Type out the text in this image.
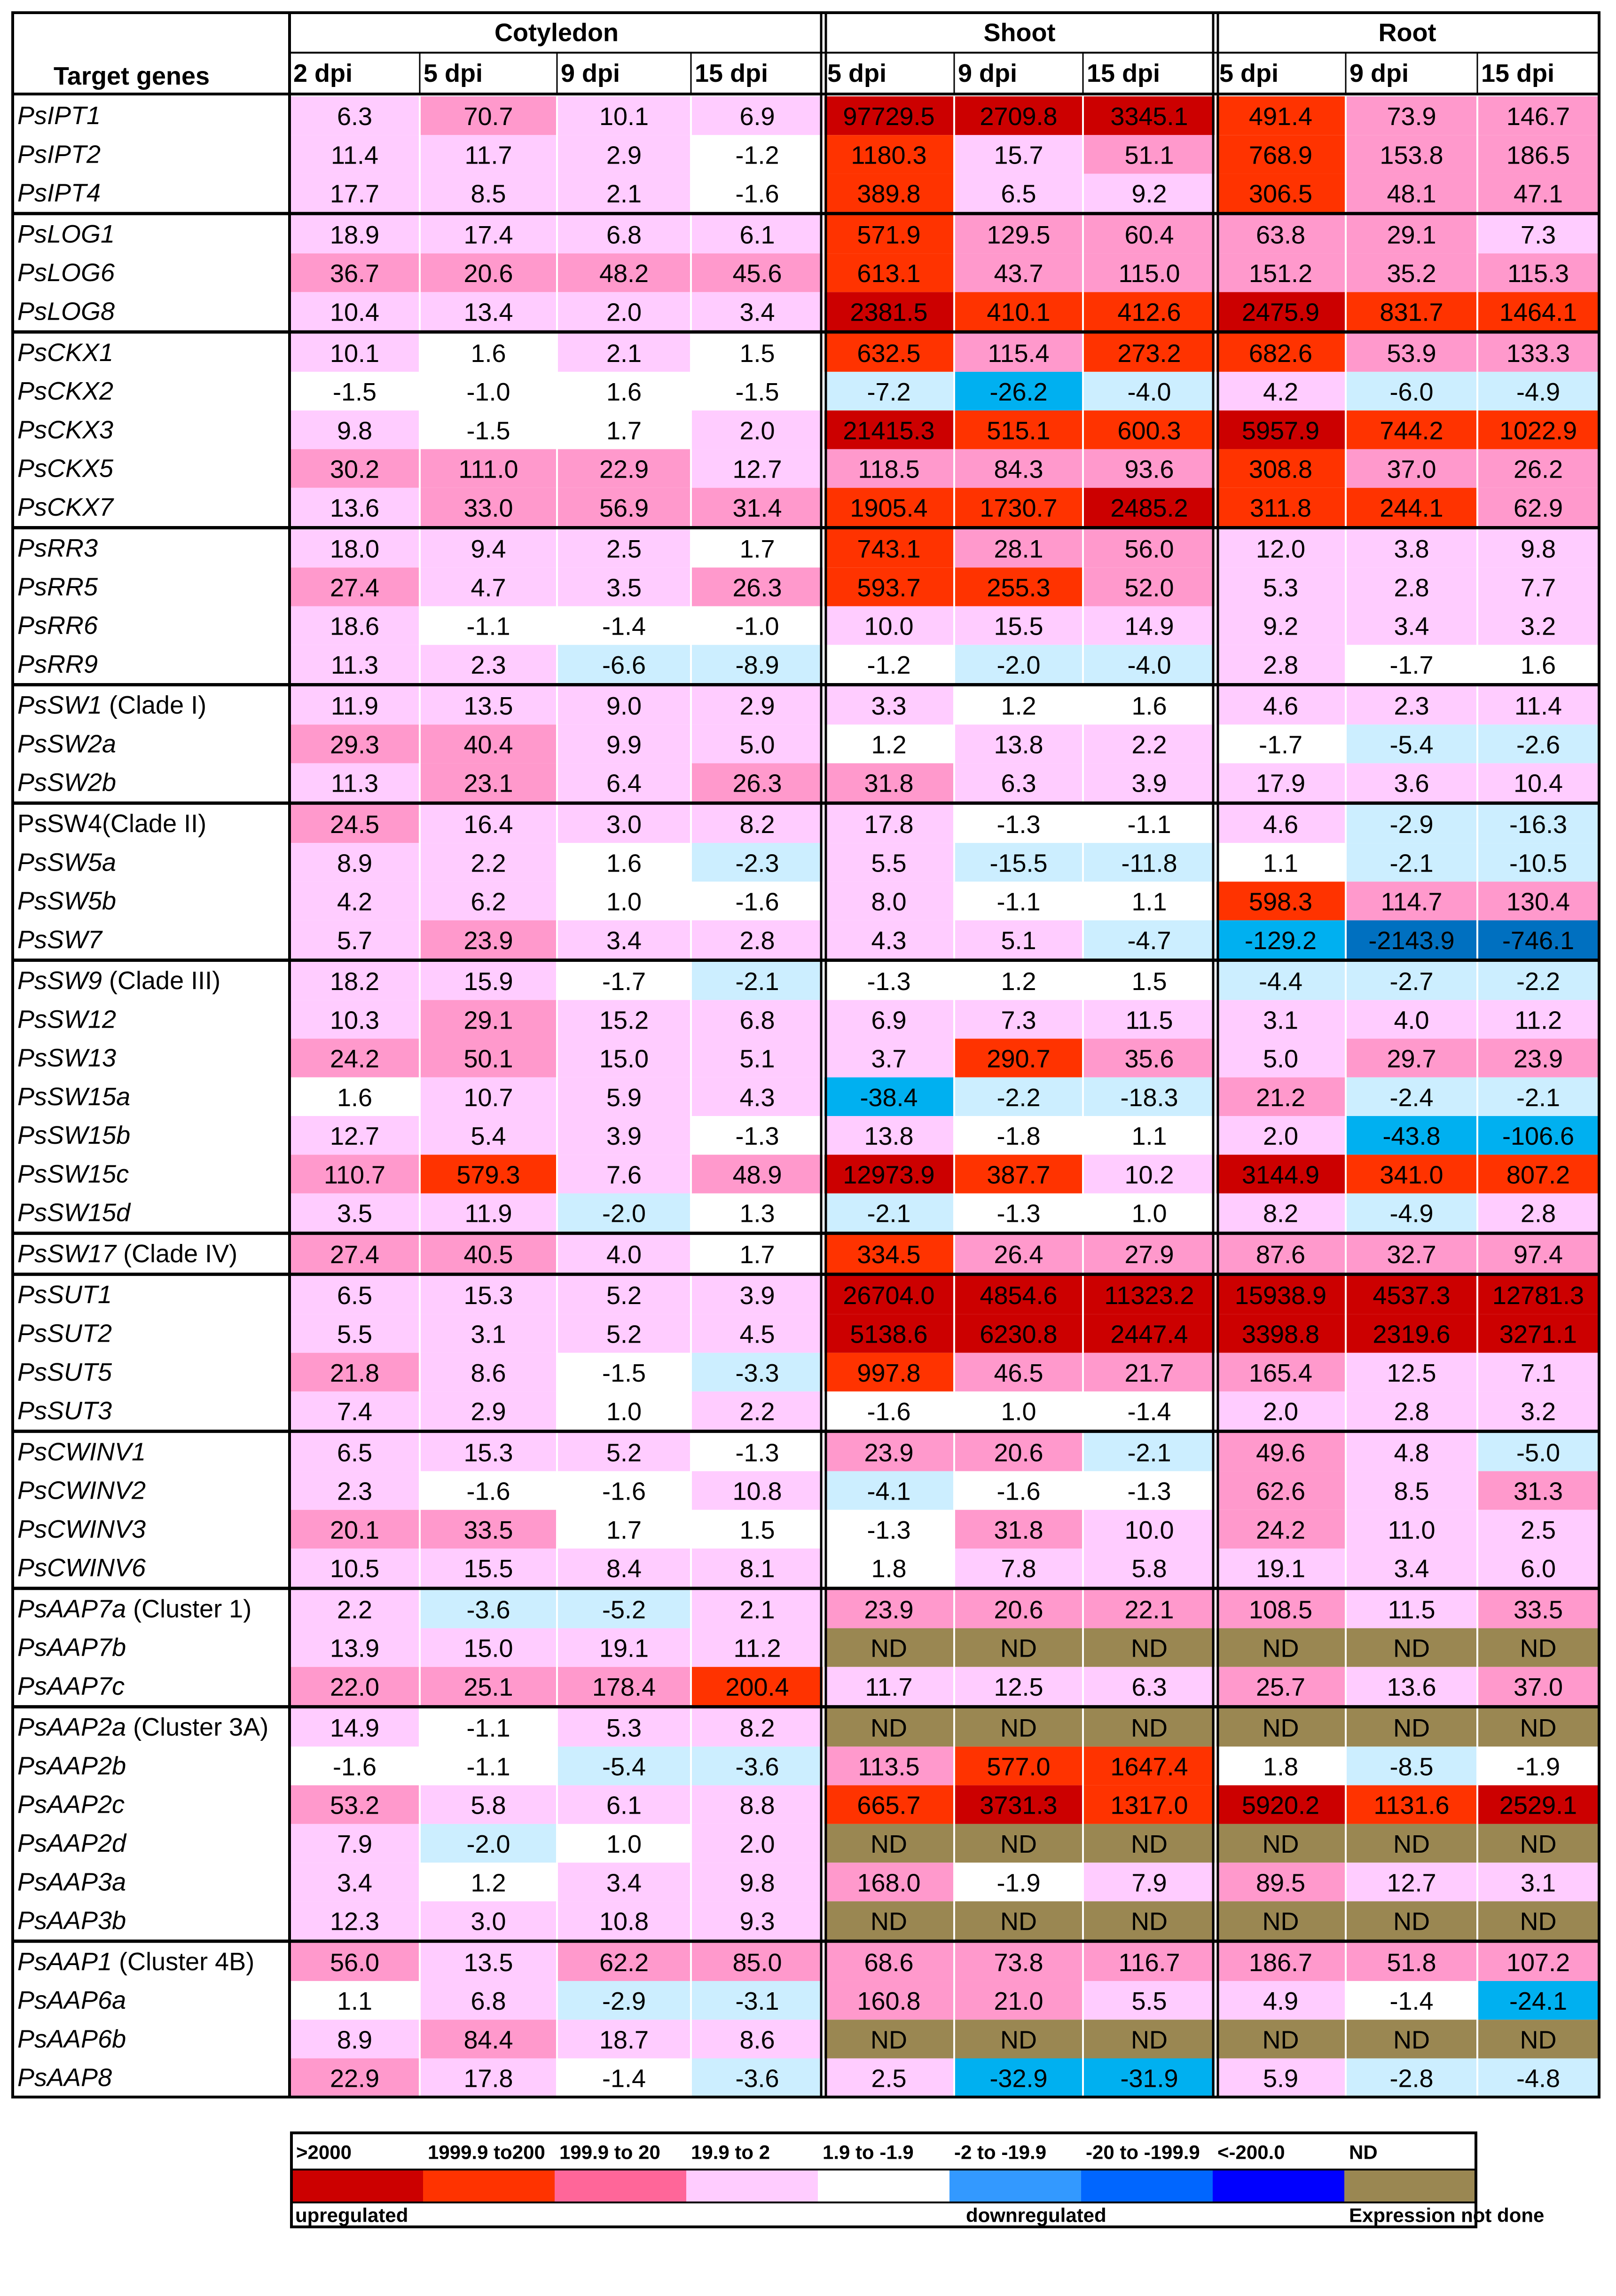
Cotyledon
2 dpi	5 dpi	9 dpi	15 dpi
Shoot
5 dpi	9 dpi	15 dpi
Root
5 dpi	9 dpi	15 dpi
Target genes
PsIPT1	6.3	70.7	10.1	6.9	97729.5 2709.8 3345.1 491.4	73.9	146.7
PsIPT2	11.4	11.7	2.9	-1.2	1180.3	15.7	51.1	768.9	153.8 186.5
PsIPT4	17.7	8.5	2.1	-1.6	389.8	6.5	9.2	306.5	48.1	47.1
PsLOG1	18.9	17.4	6.8	6.1	571.9	129.5	60.4	63.8	29.1	7.3
PsLOG6	36.7	20.6	48.2	45.6	613.1	43.7	115.0	151.2	35.2	115.3
PsLOG8	10.4	13.4	2.0	3.4	2381.5 410.1	412.6 2475.9 831.7 1464.1
PsCKX1	10.1	1.6	2.1	1.5	632.5	115.4	273.2	682.6	53.9	133.3
PsCKX2	-1.5	-1.0	1.6	-1.5	-7.2	-26.2	-4.0	4.2	-6.0	-4.9
PsCKX3	9.8	-1.5	1.7	2.0	21415.3 515.1	600.3 5957.9 744.2 1022.9
PsCKX5	30.2	111.0	22.9	12.7	118.5	84.3	93.6	308.8	37.0	26.2
PsCKX7	13.6	33.0	56.9	31.4	1905.4 1730.7 2485.2 311.8	244.1	62.9
PsRR3	18.0	9.4	2.5	1.7	743.1	28.1	56.0	12.0	3.8	9.8
PsRR5	27.4	4.7	3.5	26.3	593.7	255.3	52.0	5.3	2.8	7.7
PsRR6	18.6	-1.1	-1.4	-1.0	10.0	15.5	14.9	9.2	3.4	3.2
PsRR9	11.3	2.3	-6.6	-8.9	-1.2	-2.0	-4.0	2.8	-1.7	1.6
PsSW1 (Clade I)	11.9	13.5	9.0	2.9	3.3	1.2	1.6	4.6	2.3	11.4
PsSW2a	29.3	40.4	9.9	5.0	1.2	13.8	2.2	-1.7	-5.4	-2.6
PsSW2b	11.3	23.1	6.4	26.3	31.8	6.3	3.9	17.9	3.6	10.4
PsSW4(Clade II)	24.5	16.4	3.0	8.2	17.8	-1.3	-1.1	4.6	-2.9	-16.3
PsSW5a	8.9	2.2	1.6	-2.3	5.5	-15.5	-11.8	1.1	-2.1	-10.5
PsSW5b	4.2	6.2	1.0	-1.6	8.0	-1.1	1.1	598.3	114.7	130.4
PsSW7	5.7	23.9	3.4	2.8	4.3	5.1	-4.7	-129.2 -2143.9 -746.1
PsSW9 (Clade III)	18.2	15.9	-1.7	-2.1	-1.3	1.2	1.5	-4.4	-2.7	-2.2
PsSW12	10.3	29.1	15.2	6.8	6.9	7.3	11.5	3.1	4.0	11.2
PsSW13	24.2	50.1	15.0	5.1	3.7	290.7	35.6	5.0	29.7	23.9
PsSW15a	1.6	10.7	5.9	4.3	-38.4	-2.2	-18.3	21.2	-2.4	-2.1
PsSW15b	12.7	5.4	3.9	-1.3	13.8	-1.8	1.1	2.0	-43.8 -106.6
PsSW15c	110.7	579.3	7.6	48.9 12973.9 387.7	10.2	3144.9 341.0 807.2
PsSW15d	3.5	11.9	-2.0	1.3	-2.1	-1.3	1.0	8.2	-4.9	2.8
PsSW17 (Clade IV)	27.4	40.5	4.0	1.7	334.5	26.4	27.9	87.6	32.7	97.4
PsSUT1	6.5	15.3	5.2	3.9	26704.0 4854.6 11323.2 15938.9 4537.3 12781.3
PsSUT2	5.5	3.1	5.2	4.5	5138.6 6230.8 2447.4 3398.8 2319.6 3271.1
PsSUT5	21.8	8.6	-1.5	-3.3	997.8	46.5	21.7	165.4	12.5	7.1
PsSUT3	7.4	2.9	1.0	2.2	-1.6	1.0	-1.4	2.0	2.8	3.2
PsCWINV1	6.5	15.3	5.2	-1.3	23.9	20.6	-2.1	49.6	4.8	-5.0
PsCWINV2	2.3	-1.6	-1.6	10.8	-4.1	-1.6	-1.3	62.6	8.5	31.3
PsCWINV3	20.1	33.5	1.7	1.5	-1.3	31.8	10.0	24.2	11.0	2.5
PsCWINV6	10.5	15.5	8.4	8.1	1.8	7.8	5.8	19.1	3.4	6.0
PsAAP7a (Cluster 1)	2.2	-3.6	-5.2	2.1	23.9	20.6	22.1	108.5	11.5	33.5
PsAAP7b	13.9	15.0	19.1	11.2	ND	ND	ND	ND	ND	ND
PsAAP7c	22.0	25.1	178.4	200.4	11.7	12.5	6.3	25.7	13.6	37.0
PsAAP2a (Cluster 3A) 14.9	-1.1	5.3	8.2	ND	ND	ND	ND	ND	ND
PsAAP2b	-1.6	-1.1	-5.4	-3.6	113.5	577.0 1647.4	1.8	-8.5	-1.9
PsAAP2c	53.2	5.8	6.1	8.8	665.7 3731.3 1317.0 5920.2 1131.6 2529.1
PsAAP2d	7.9	-2.0	1.0	2.0	ND	ND	ND	ND	ND	ND
PsAAP3a	3.4	1.2	3.4	9.8	168.0	-1.9	7.9	89.5	12.7	3.1
PsAAP3b	12.3	3.0	10.8	9.3	ND	ND	ND	ND	ND	ND
PsAAP1 (Cluster 4B)	56.0	13.5	62.2	85.0	68.6	73.8	116.7	186.7	51.8	107.2
PsAAP6a	1.1	6.8	-2.9	-3.1	160.8	21.0	5.5	4.9	-1.4	-24.1
PsAAP6b	8.9	84.4	18.7	8.6	ND	ND	ND	ND	ND	ND
PsAAP8	22.9	17.8	-1.4	-3.6	2.5	-32.9	-31.9	5.9	-2.8	-4.8
>2000	1999.9 to200 199.9 to 20 19.9 to 2	1.9 to -1.9 -2 to -19.9 -20 to -199.9 <-200.0	ND
upregulated	downregulated	Expression not done
